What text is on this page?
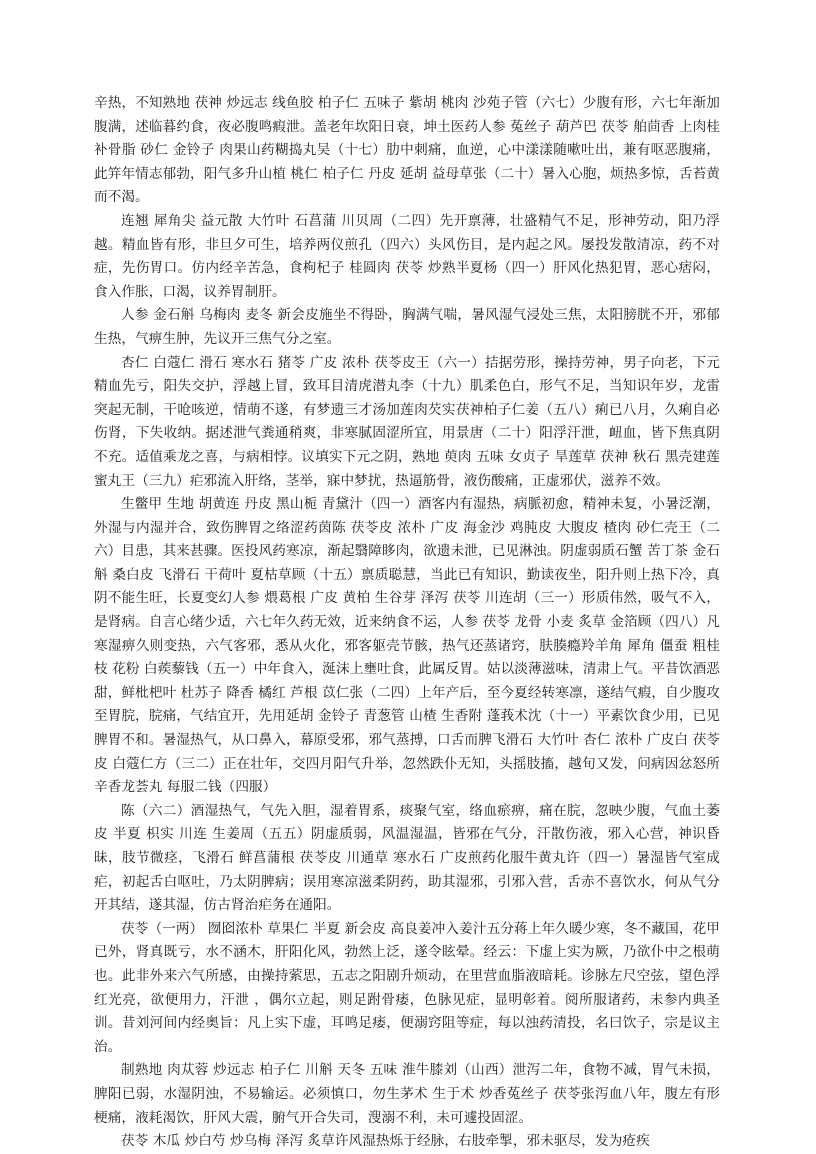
辛热，不知熟地 茯神 炒远志 线鱼胶 柏子仁 五味子 紫胡 桃肉 沙苑子管（六七）少腹有形，六七年渐加腹满，述临暮约食，夜必腹鸣瘕泄。盖老年坎阳日衰，坤土医药人参 菟丝子 葫芦巴 茯苓 舶茴香 上肉桂 补骨脂 砂仁 金铃子 肉果山药糊捣丸吴（十七）肋中刺痛，血逆，心中漾漾随嗽吐出，兼有呕恶腹痛，此笄年情志郁勃，阳气多升山植 桃仁 柏子仁 丹皮 延胡 益母草张（二十）暑入心胞，烦热多惊，舌苔黄而不渴。

连翘 犀角尖 益元散 大竹叶 石菖蒲 川贝周（二四）先开禀薄，壮盛精气不足，形神劳动，阳乃浮越。精血皆有形，非旦夕可生，培养两仪煎孔（四六）头风伤目，是内起之风。屡投发散清凉，药不对症，先伤胃口。仿内经辛苦急，食枸杞子 桂圆肉 茯苓 炒熟半夏杨（四一）肝风化热犯胃，恶心痞闷，食入作胀，口渴，议养胃制肝。

人参 金石斛 乌梅肉 麦冬 新会皮施坐不得卧，胸满气喘，暑风湿气浸处三焦，太阳膀胱不开，邪郁生热，气痹生肿，先议开三焦气分之室。

杏仁 白蔻仁 滑石 寒水石 猪苓 广皮 浓朴 茯苓皮王（六一）拮据劳形，操持劳神，男子向老，下元精血先亏，阳失交护，浮越上冒，致耳目清虎潜丸李（十九）肌柔色白，形气不足，当知识年岁，龙雷突起无制，干呛咳逆，情萌不遂，有梦遗三才汤加莲肉芡实茯神柏子仁姜（五八）痢已八月，久痢自必伤肾，下失收纳。据述泄气粪通稍爽，非寒腻固涩所宜，用景唐（二十）阳浮汗泄，衄血，皆下焦真阴不充。适值乘龙之喜，与病相悖。议填实下元之阴，熟地 萸肉 五味 女贞子 旱莲草 茯神 秋石 黑壳建莲 蜜丸王（三九）疟邪流入肝络，茎举，寐中梦扰，热逼筋骨，液伤酸痛，正虚邪伏，滋养不效。

生鳖甲 生地 胡黄连 丹皮 黑山栀 青黛汁（四一）酒客内有湿热，病脈初愈，精神未复，小暑泛潮，外湿与内湿并合，致伤脾胃之络涩药茵陈 茯苓皮 浓朴 广皮 海金沙 鸡肫皮 大腹皮 楂肉 砂仁壳王（二六）目患，其来甚骤。医投风药寒凉，渐起翳障眵肉，欲遗未泄，已见淋浊。阴虚弱质石蟹 苦丁茶 金石斛 桑白皮 飞滑石 干荷叶 夏枯草顾（十五）禀质聪慧，当此已有知识，勤读夜坐，阳升则上热下冷，真阴不能生旺，长夏变幻人参 煨葛根 广皮 黄柏 生谷芽 泽泻 茯苓 川连胡（三一）形质伟然，吸气不入，是肾病。自言心绪少适，六七年久药无效，近来纳食不运，人参 茯苓 龙骨 小麦 炙草 金箔顾（四八）凡寒湿痹久则变热，六气客邪，悉从火化，邪客躯壳节骸，热气还蒸诸窍，肤腠瘾羚羊角 犀角 僵蚕 粗桂枝 花粉 白蒺藜钱（五一）中年食入，涎沫上壅吐食，此属反胃。姑以淡薄滋味，清肃上气。平昔饮酒恶甜，鲜枇杷叶 杜苏子 降香 橘红 芦根 苡仁张（二四）上年产后，至今夏经转寒凛，遂结气瘕，自少腹攻至胃脘，脘痛，气结宜开，先用延胡 金铃子 青葱管 山楂 生香附 蓬莪术沈（十一）平素饮食少用，已见脾胃不和。暑湿热气，从口鼻入，幕原受邪，邪气蒸搏，口舌而脾飞滑石 大竹叶 杏仁 浓朴 广皮白 茯苓皮 白蔻仁方（三二）正在壮年，交四月阳气升举，忽然跌仆无知，头摇肢搐，越旬又发，问病因忿怒所辛香龙荟丸 每服二钱（四服）

陈（六二）酒湿热气，气先入胆，湿着胃系，痰聚气室，络血瘀痹，痛在脘，忽映少腹，气血土萎皮 半夏 枳实 川连 生姜周（五五）阴虚质弱，风温湿温，皆邪在气分，汗散伤液，邪入心营，神识昏昧，肢节微痉，飞滑石 鲜菖蒲根 茯苓皮 川通草 寒水石 广皮煎药化服牛黄丸许（四一）暑湿皆气室成疟，初起舌白呕吐，乃太阴脾病；误用寒凉滋柔阴药，助其湿邪，引邪入营，舌赤不喜饮水，何从气分开其结，遂其湿，仿古肾治疟务在通阳。

茯苓（一两） 囫囵浓朴 草果仁 半夏 新会皮 高良姜冲入姜汁五分蒋上年久暖少寒，冬不藏国，花甲已外，肾真既亏，水不涵木，肝阳化风，勃然上泛，遂令眩晕。经云：下虚上实为厥，乃欲仆中之根萌也。此非外来六气所感，由操持萦思，五志之阳剧升烦动，在里营血脂液暗耗。诊脉左尺空弦，望色浮红光亮，欲便用力，汗泄 ，偶尔立起，则足跗骨痿，色脉见症，显明彰着。阅所服诸药，未参内典圣训。昔刘河间内经奥旨：凡上实下虚，耳鸣足痿，便溺窍阻等症，每以浊药清投，名曰饮子，宗是议主治。

制熟地 肉苁蓉 炒远志 柏子仁 川斛 天冬 五味 淮牛膝刘（山西）泄泻二年，食物不减，胃气未损，脾阳已弱，水湿阴浊，不易输运。必须慎口，勿生茅术 生于术 炒香菟丝子 茯苓张泻血八年，腹左有形梗痛，液耗渴饮，肝风大震，腑气开合失司，溲溺不利，未可遽投固涩。

茯苓 木瓜 炒白芍 炒乌梅 泽泻 炙草许风湿热烁于经脉，右肢牵掣，邪未驱尽，发为疮疾
